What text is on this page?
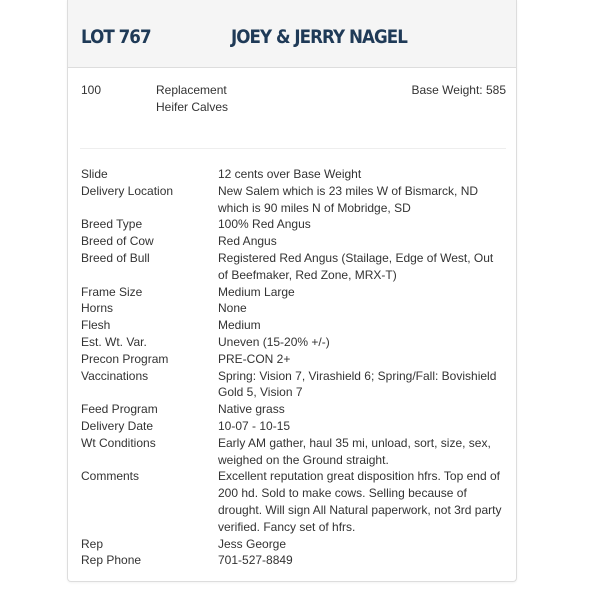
LOT 767	JOEY & JERRY NAGEL
100	Replacement Heifer Calves
Base Weight: 585
Slide	12 cents over Base Weight
Delivery Location	New Salem which is 23 miles W of Bismarck, ND which is 90 miles N of Mobridge, SD
Breed Type	100% Red Angus
Breed of Cow	Red Angus
Breed of Bull	Registered Red Angus (Stailage, Edge of West, Out of Beefmaker, Red Zone, MRX-T)
Frame Size	Medium Large
Horns	None
Flesh	Medium
Est. Wt. Var.	Uneven (15-20% +/-)
Precon Program	PRE-CON 2+
Vaccinations	Spring: Vision 7, Virashield 6; Spring/Fall: Bovishield Gold 5, Vision 7
Feed Program	Native grass
Delivery Date	10-07 - 10-15
Wt Conditions	Early AM gather, haul 35 mi, unload, sort, size, sex, weighed on the Ground straight.
Comments	Excellent reputation great disposition hfrs. Top end of 200 hd. Sold to make cows. Selling because of drought. Will sign All Natural paperwork, not 3rd party verified. Fancy set of hfrs.
Rep	Jess George
Rep Phone	701-527-8849
